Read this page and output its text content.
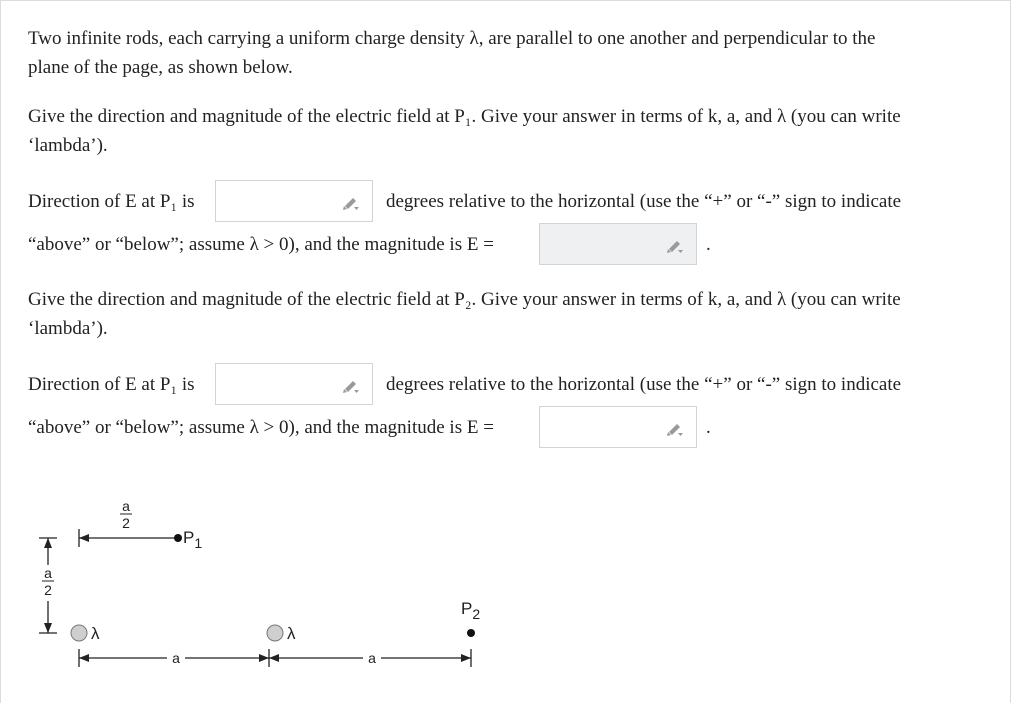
Two infinite rods, each carrying a uniform charge density λ, are parallel to one another and perpendicular to the
plane of the page, as shown below.
Give the direction and magnitude of the electric field at P₁. Give your answer in terms of k, a, and λ (you can write
‘lambda’).
Direction of E at P₁ is	degrees relative to the horizontal (use the “+” or “-” sign to indicate
“above” or “below”; assume λ > 0), and the magnitude is E =	.
Give the direction and magnitude of the electric field at P₂. Give your answer in terms of k, a, and λ (you can write
‘lambda’).
Direction of E at P₁ is	degrees relative to the horizontal (use the “+” or “-” sign to indicate
“above” or “below”; assume λ > 0), and the magnitude is E =	.
a
2
$P_1$
a
2
λ	λ
$P_2$
a	a
